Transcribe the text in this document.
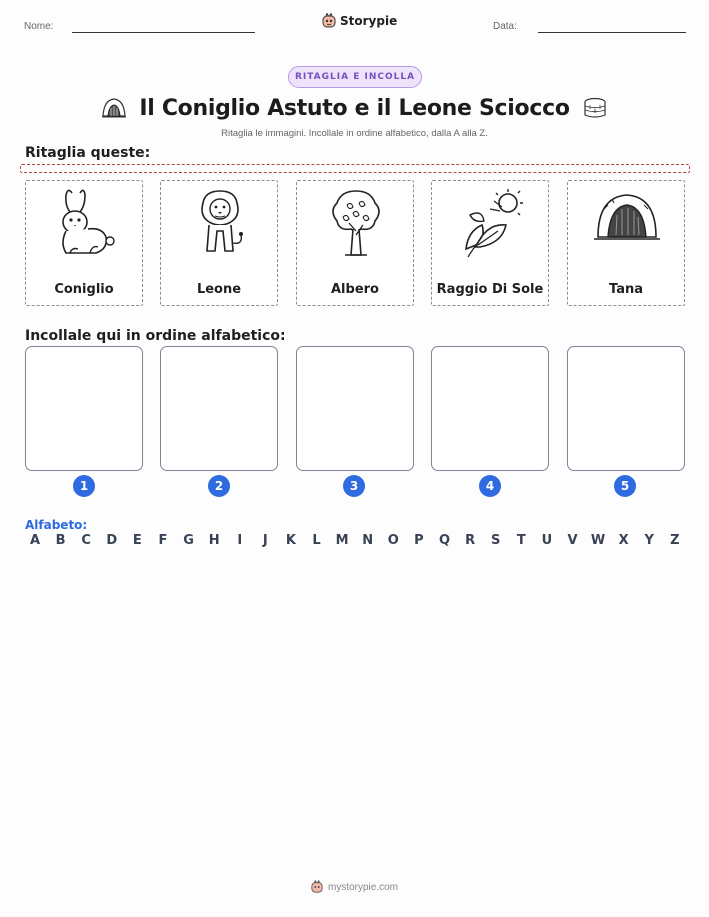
Nome:	Storypie	Data:
RITAGLIA E INCOLLA
Il Coniglio Astuto e il Leone Sciocco
Ritaglia le immagini. Incollale in ordine alfabetico, dalla A alla Z.
Ritaglia queste:
Coniglio	Leone	Albero	Raggio Di Sole	Tana
Incollale qui in ordine alfabetico:
1	2	3	4	5
Alfabeto:
A	B	C	D	E	F	G	H	I	J	K	L	M	N	O	P	Q	R	S	T	U	V	W	X	Y	Z
mystorypie.com
